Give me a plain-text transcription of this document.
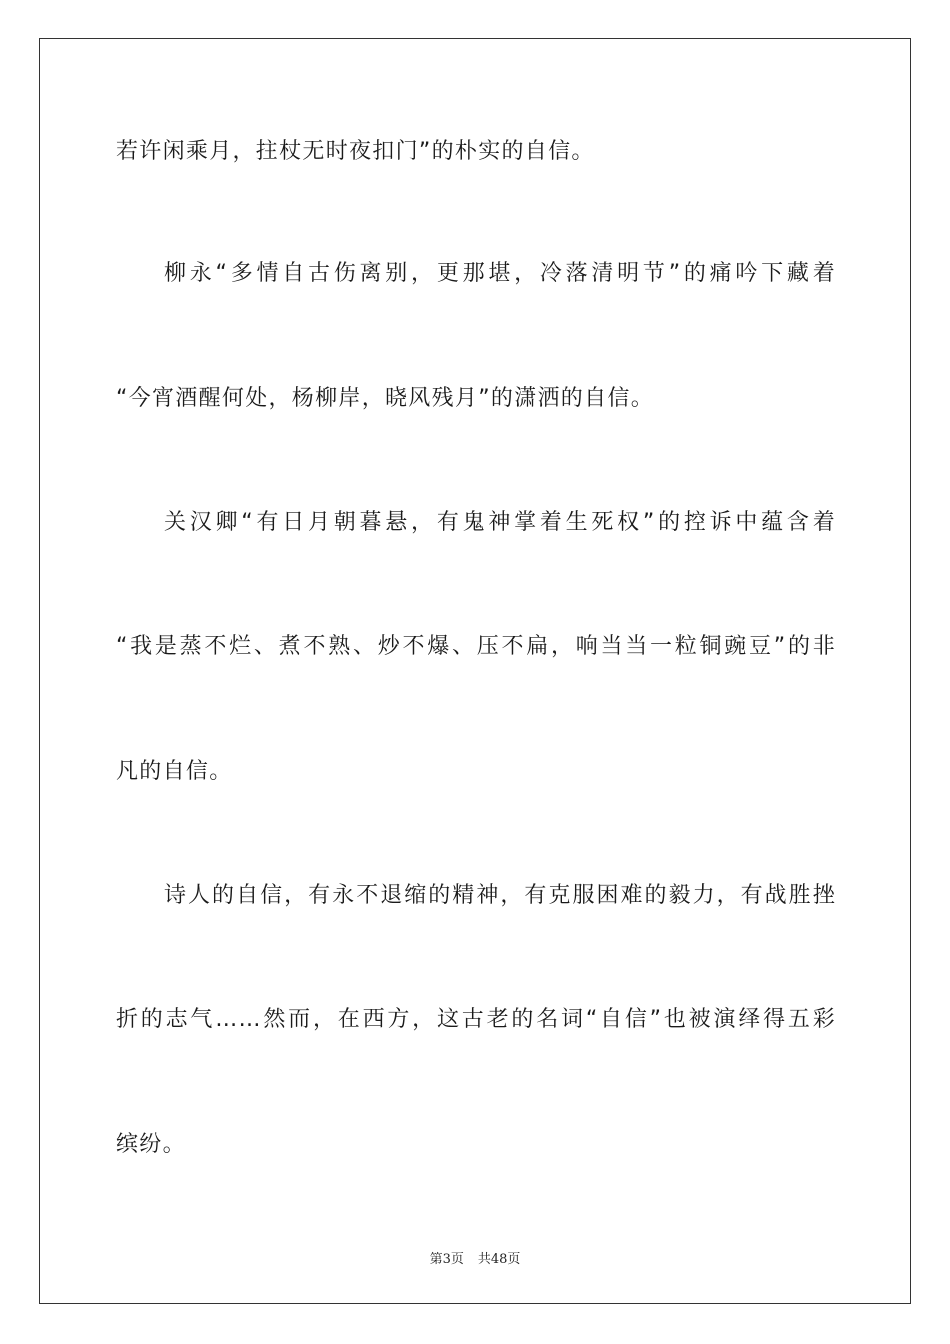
若许闲乘月，拄杖无时夜扣门”的朴实的自信。
柳永“多情自古伤离别，更那堪，冷落清明节”的痛吟下藏着
“今宵酒醒何处，杨柳岸，晓风残月”的潇洒的自信。
关汉卿“有日月朝暮悬，有鬼神掌着生死权”的控诉中蕴含着
“我是蒸不烂、煮不熟、炒不爆、压不扁，响当当一粒铜豌豆”的非
凡的自信。
诗人的自信，有永不退缩的精神，有克服困难的毅力，有战胜挫
折的志气……然而，在西方，这古老的名词“自信”也被演绎得五彩
缤纷。
第3页 共48页
